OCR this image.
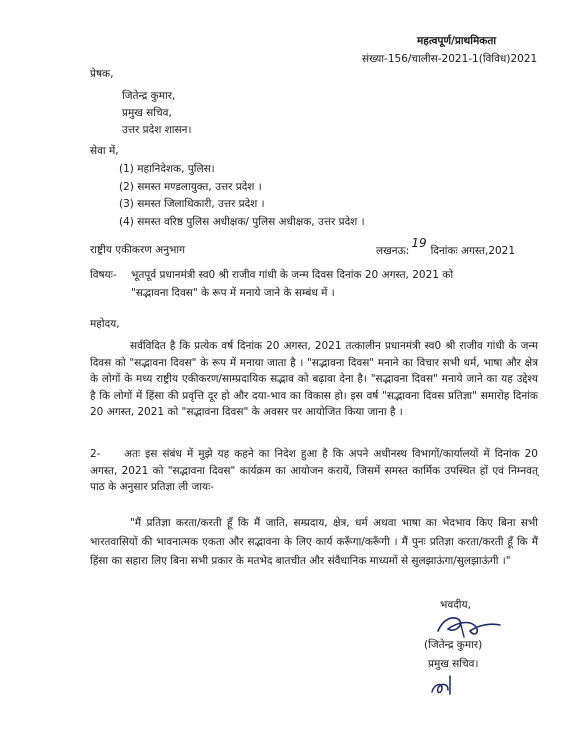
महत्वपूर्ण/प्राथमिकता
संख्या-156/चालीस-2021-1(विविध)2021
प्रेषक,
जितेन्द्र कुमार,
प्रमुख सचिव,
उत्तर प्रदेश शासन।
सेवा में,
(1) महानिदेशक, पुलिस।
(2) समस्त मण्डलायुक्त, उत्तर प्रदेश ।
(3) समस्त जिलाधिकारी, उत्तर प्रदेश ।
(4) समस्त वरिष्ठ पुलिस अधीक्षक/ पुलिस अधीक्षक, उत्तर प्रदेश ।
राष्ट्रीय एकीकरण अनुभाग	लखनऊ:19दिनांकः अगस्त,2021
विषयः- भूतपूर्व प्रधानमंत्री स्व0 श्री राजीव गांधी के जन्म दिवस दिनांक 20 अगस्त, 2021 को
"सद्भावना दिवस" के रूप में मनाये जाने के सम्बंध में ।
महोदय,
सर्वविदित है कि प्रत्येक वर्ष दिनांक 20 अगस्त, 2021 तत्कालीन प्रधानमंत्री स्व0 श्री राजीव गांधी के जन्म दिवस को "सद्भावना दिवस" के रूप में मनाया जाता है । "सद्भावना दिवस" मनाने का विचार सभी धर्म, भाषा और क्षेत्र के लोगों के मध्य राष्ट्रीय एकीकरण/साम्प्रदायिक सद्भाव को बढ़ावा देना है। "सद्भावना दिवस" मनाये जाने का यह उद्देश्य है कि लोगों में हिंसा की प्रवृत्ति दूर हो और दया-भाव का विकास हो। इस वर्ष "सद्भावना दिवस प्रतिज्ञा" समारोह दिनांक 20 अगस्त, 2021 को "सद्भावना दिवस" के अवसर पर आयोजित किया जाना है ।
2- अतः इस संबंध में मुझे यह कहने का निदेश हुआ है कि अपने अधीनस्थ विभागों/कार्यालयों में दिनांक 20 अगस्त, 2021 को "सद्भावना दिवस" कार्यक्रम का आयोजन करायें, जिसमें समस्त कार्मिक उपस्थित हों एवं निम्नवत् पाठ के अनुसार प्रतिज्ञा ली जायः-
"मैं प्रतिज्ञा करता/करती हूँ कि मैं जाति, सम्प्रदाय, क्षेत्र, धर्म अथवा भाषा का भेदभाव किए बिना सभी भारतवासियों की भावनात्मक एकता और सद्भावना के लिए कार्य करूँगा/करूँगी । मैं पुनः प्रतिज्ञा करता/करती हूँ कि मैं हिंसा का सहारा लिए बिना सभी प्रकार के मतभेद बातचीत और संवैधानिक माध्यमों से सुलझाऊंगा/सुलझाऊंगी ।"
भवदीय,
(जितेन्द्र कुमार)
प्रमुख सचिव।
